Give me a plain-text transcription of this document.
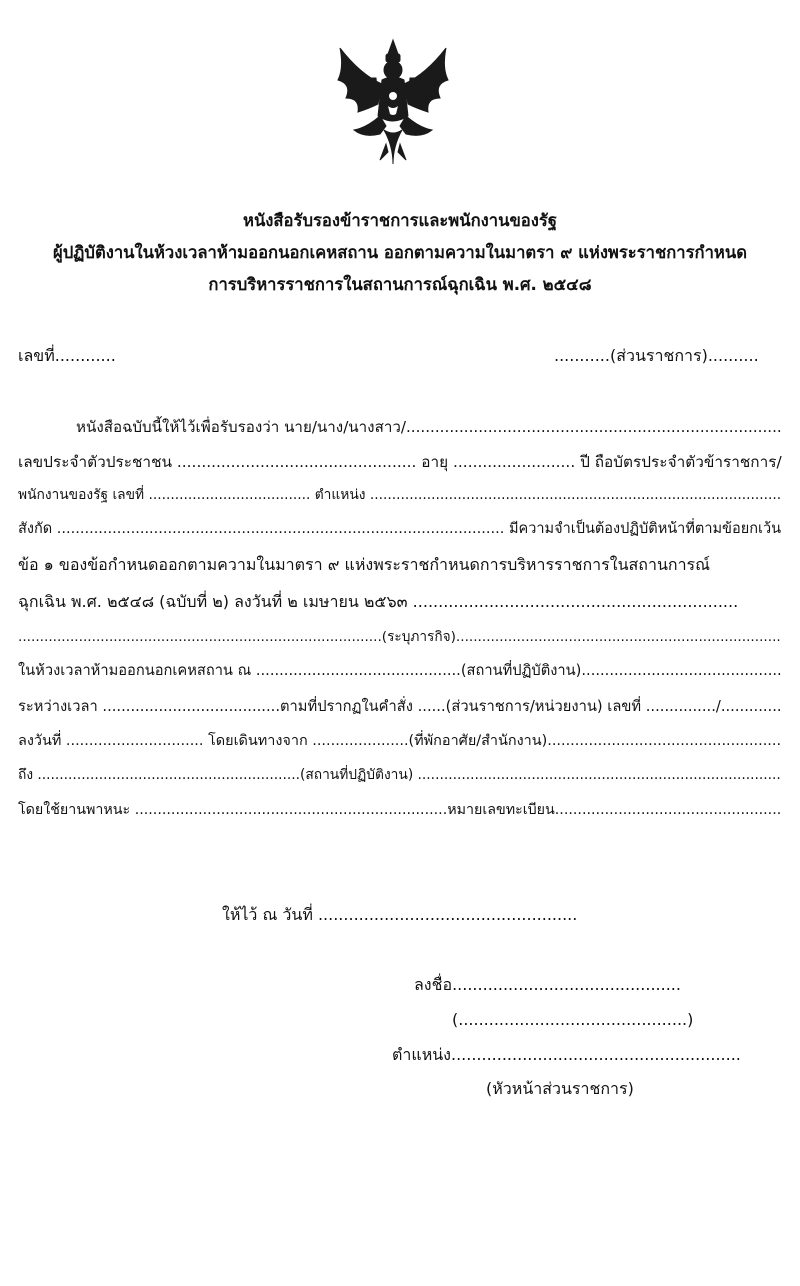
หนังสือรับรองข้าราชการและพนักงานของรัฐ
ผู้ปฏิบัติงานในห้วงเวลาห้ามออกนอกเคหสถาน ออกตามความในมาตรา ๙ แห่งพระราชการกำหนด
การบริหารราชการในสถานการณ์ฉุกเฉิน พ.ศ. ๒๕๔๘
เลขที่............	...........(ส่วนราชการ)..........
หนังสือฉบับนี้ให้ไว้เพื่อรับรองว่า นาย/นาง/นางสาว/..............................................................................
เลขประจำตัวประชาชน ................................................. อายุ ......................... ปี ถือบัตรประจำตัวข้าราชการ/
พนักงานของรัฐ เลขที่ ..................................... ตำแหน่ง ..............................................................................................
สังกัด ................................................................................................. มีความจำเป็นต้องปฏิบัติหน้าที่ตามข้อยกเว้น
ข้อ ๑ ของข้อกำหนดออกตามความในมาตรา ๙ แห่งพระราชกำหนดการบริหารราชการในสถานการณ์
ฉุกเฉิน พ.ศ. ๒๕๔๘ (ฉบับที่ ๒) ลงวันที่ ๒ เมษายน ๒๕๖๓ ................................................................
....................................................................................(ระบุภารกิจ)...........................................................................
ในห้วงเวลาห้ามออกนอกเคหสถาน ณ ............................................(สถานที่ปฏิบัติงาน)...........................................
ระหว่างเวลา ......................................ตามที่ปรากฏในคำสั่ง ......(ส่วนราชการ/หน่วยงาน) เลขที่ .............../.............
ลงวันที่ .............................. โดยเดินทางจาก .....................(ที่พักอาศัย/สำนักงาน)...................................................
ถึง ............................................................(สถานที่ปฏิบัติงาน) ...................................................................................
โดยใช้ยานพาหนะ .....................................................................หมายเลขทะเบียน..................................................
ให้ไว้ ณ วันที่ ...................................................
ลงชื่อ.............................................
(.............................................)
ตำแหน่ง.........................................................
(หัวหน้าส่วนราชการ)
